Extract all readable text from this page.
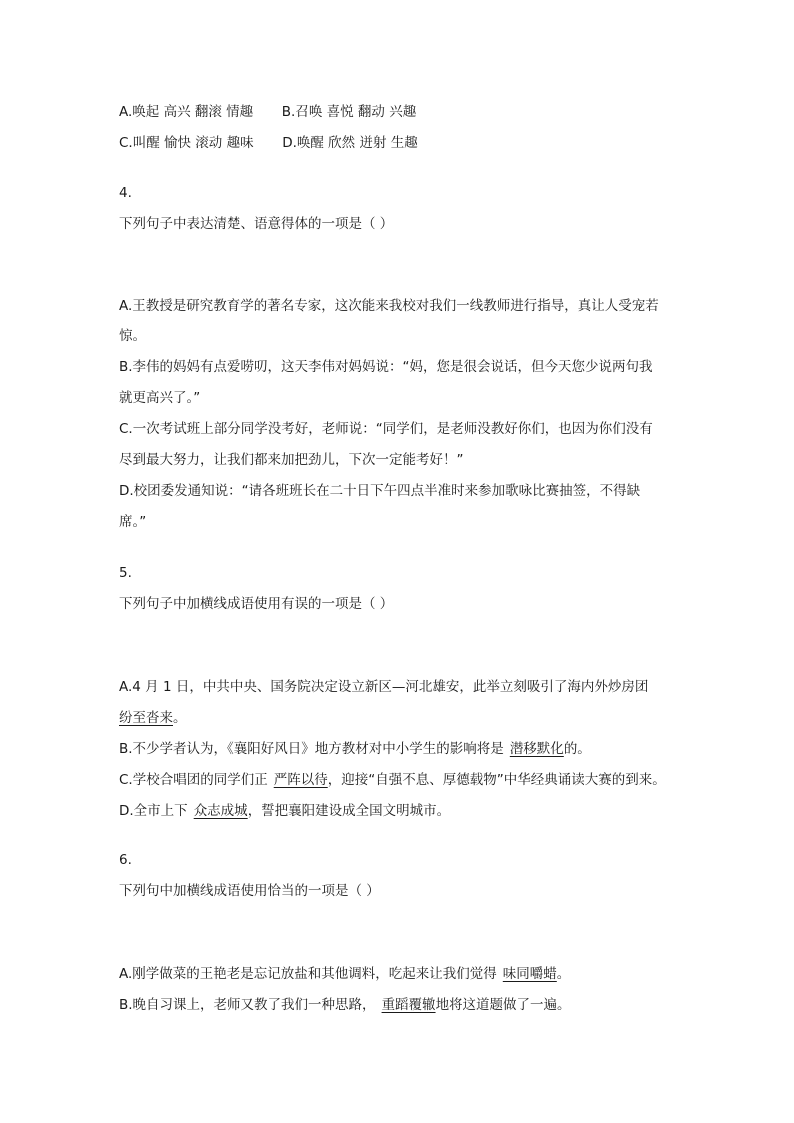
A.唤起 高兴 翻滚 情趣 B.召唤 喜悦 翻动 兴趣
C.叫醒 愉快 滚动 趣味 D.唤醒 欣然 迸射 生趣
4.
下列句子中表达清楚、语意得体的一项是（ ）
A.王教授是研究教育学的著名专家，这次能来我校对我们一线教师进行指导，真让人受宠若
惊。
B.李伟的妈妈有点爱唠叨，这天李伟对妈妈说：“妈，您是很会说话，但今天您少说两句我
就更高兴了。”
C.一次考试班上部分同学没考好，老师说：“同学们，是老师没教好你们，也因为你们没有
尽到最大努力，让我们都来加把劲儿，下次一定能考好！”
D.校团委发通知说：“请各班班长在二十日下午四点半准时来参加歌咏比赛抽签，不得缺
席。”
5.
下列句子中加横线成语使用有误的一项是（ ）
A.4 月 1 日，中共中央、国务院决定设立新区—河北雄安，此举立刻吸引了海内外炒房团
纷至沓来。
B.不少学者认为，《襄阳好风日》地方教材对中小学生的影响将是 潜移默化的。
C.学校合唱团的同学们正 严阵以待，迎接“自强不息、厚德载物”中华经典诵读大赛的到来。
D.全市上下 众志成城，誓把襄阳建设成全国文明城市。
6.
下列句中加横线成语使用恰当的一项是（ ）
A.刚学做菜的王艳老是忘记放盐和其他调料，吃起来让我们觉得 味同嚼蜡。
B.晚自习课上，老师又教了我们一种思路， 重蹈覆辙地将这道题做了一遍。
